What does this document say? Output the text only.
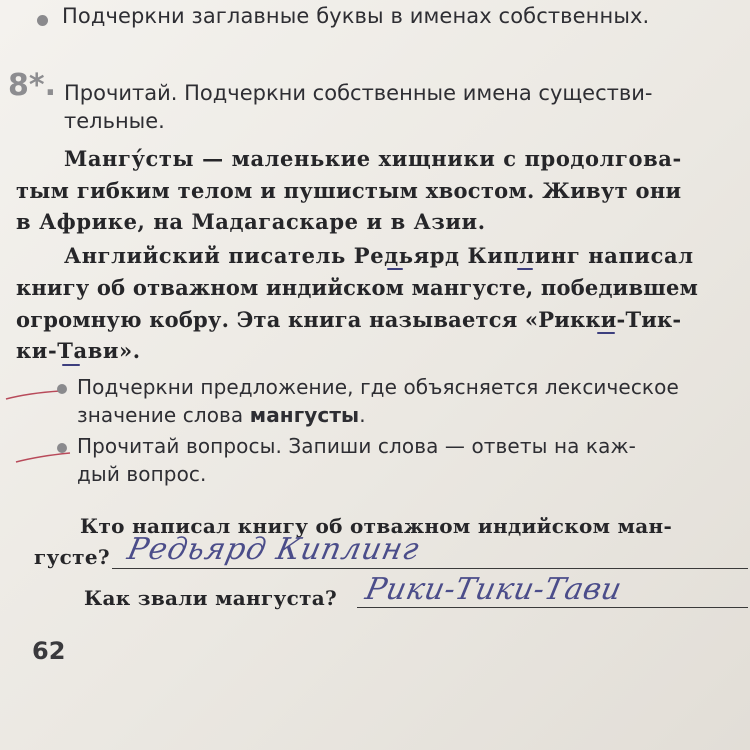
Подчеркни заглавные буквы в именах собственных.
8*. Прочитай. Подчеркни собственные имена существи-
тельные.
Мангу́сты — маленькие хищники с продолгова-
тым гибким телом и пушистым хвостом. Живут они
в Африке, на Мадагаскаре и в Азии.
Английский писатель Редьярд Киплинг написал
книгу об отважном индийском мангусте, победившем
огромную кобру. Эта книга называется «Рикки-Тик-
ки-Тави».
Подчеркни предложение, где объясняется лексическое
значение слова мангусты.
Прочитай вопросы. Запиши слова — ответы на каж-
дый вопрос.
Кто написал книгу об отважном индийском ман-
густе? Редьярд Киплинг
Как звали мангуста? Рики-Тики-Тави
62
